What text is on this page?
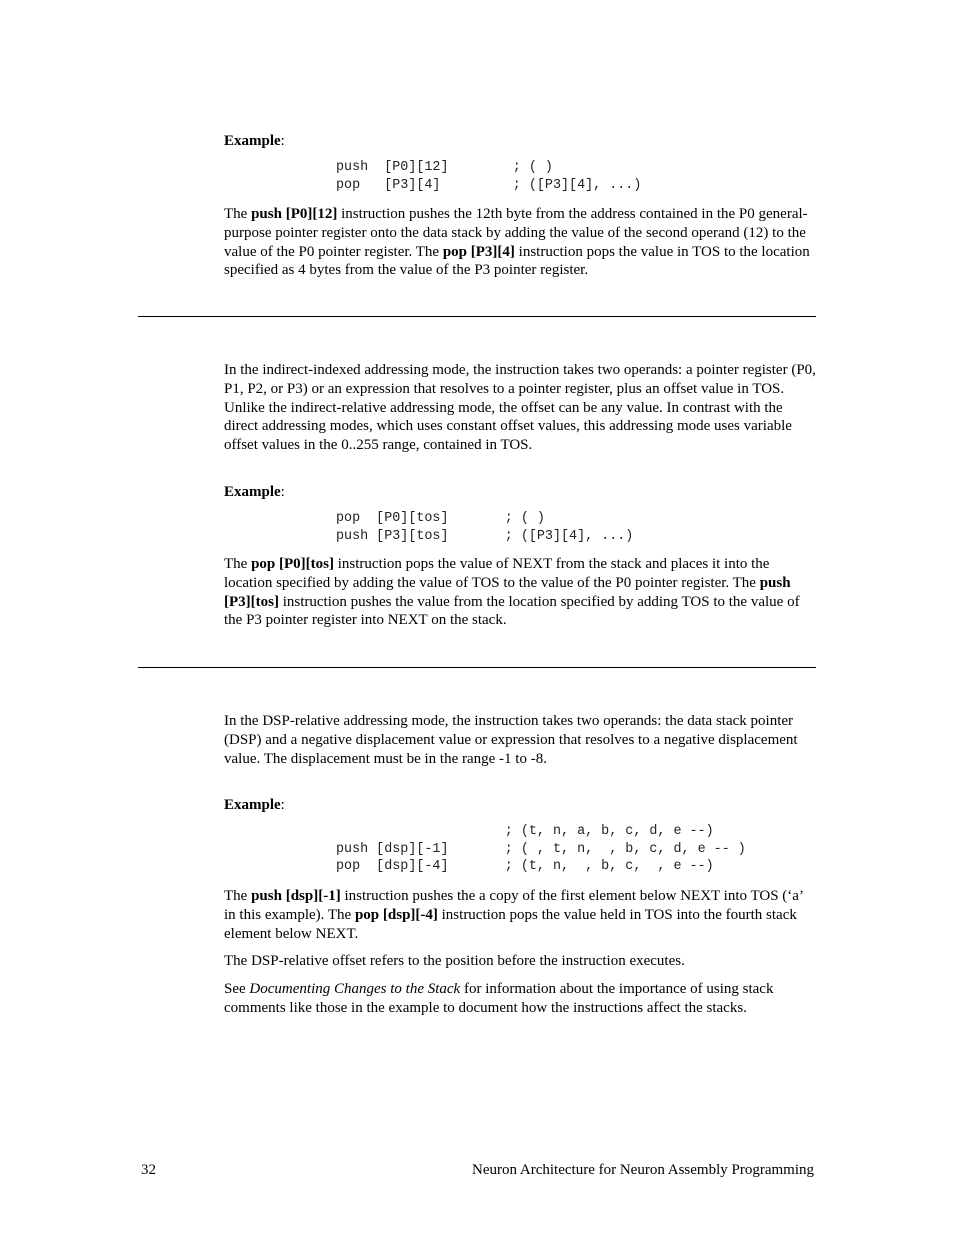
Example:
push  [P0][12]        ; ( )
pop   [P3][4]         ; ([P3][4], ...)

The push [P0][12] instruction pushes the 12th byte from the address contained in the P0 general-purpose pointer register onto the data stack by adding the value of the second operand (12) to the value of the P0 pointer register. The pop [P3][4] instruction pops the value in TOS to the location specified as 4 bytes from the value of the P3 pointer register.

In the indirect-indexed addressing mode, the instruction takes two operands: a pointer register (P0, P1, P2, or P3) or an expression that resolves to a pointer register, plus an offset value in TOS. Unlike the indirect-relative addressing mode, the offset can be any value. In contrast with the direct addressing modes, which uses constant offset values, this addressing mode uses variable offset values in the 0..255 range, contained in TOS.

Example:
pop  [P0][tos]       ; ( )
push [P3][tos]       ; ([P3][4], ...)

The pop [P0][tos] instruction pops the value of NEXT from the stack and places it into the location specified by adding the value of TOS to the value of the P0 pointer register. The push [P3][tos] instruction pushes the value from the location specified by adding TOS to the value of the P3 pointer register into NEXT on the stack.

In the DSP-relative addressing mode, the instruction takes two operands: the data stack pointer (DSP) and a negative displacement value or expression that resolves to a negative displacement value. The displacement must be in the range -1 to -8.

Example:
; (t, n, a, b, c, d, e --)
push [dsp][-1]       ; ( , t, n,  , b, c, d, e -- )
pop  [dsp][-4]       ; (t, n,  , b, c,  , e --)

The push [dsp][-1] instruction pushes the a copy of the first element below NEXT into TOS (‘a’ in this example). The pop [dsp][-4] instruction pops the value held in TOS into the fourth stack element below NEXT.

The DSP-relative offset refers to the position before the instruction executes.

See Documenting Changes to the Stack for information about the importance of using stack comments like those in the example to document how the instructions affect the stacks.

32	Neuron Architecture for Neuron Assembly Programming
